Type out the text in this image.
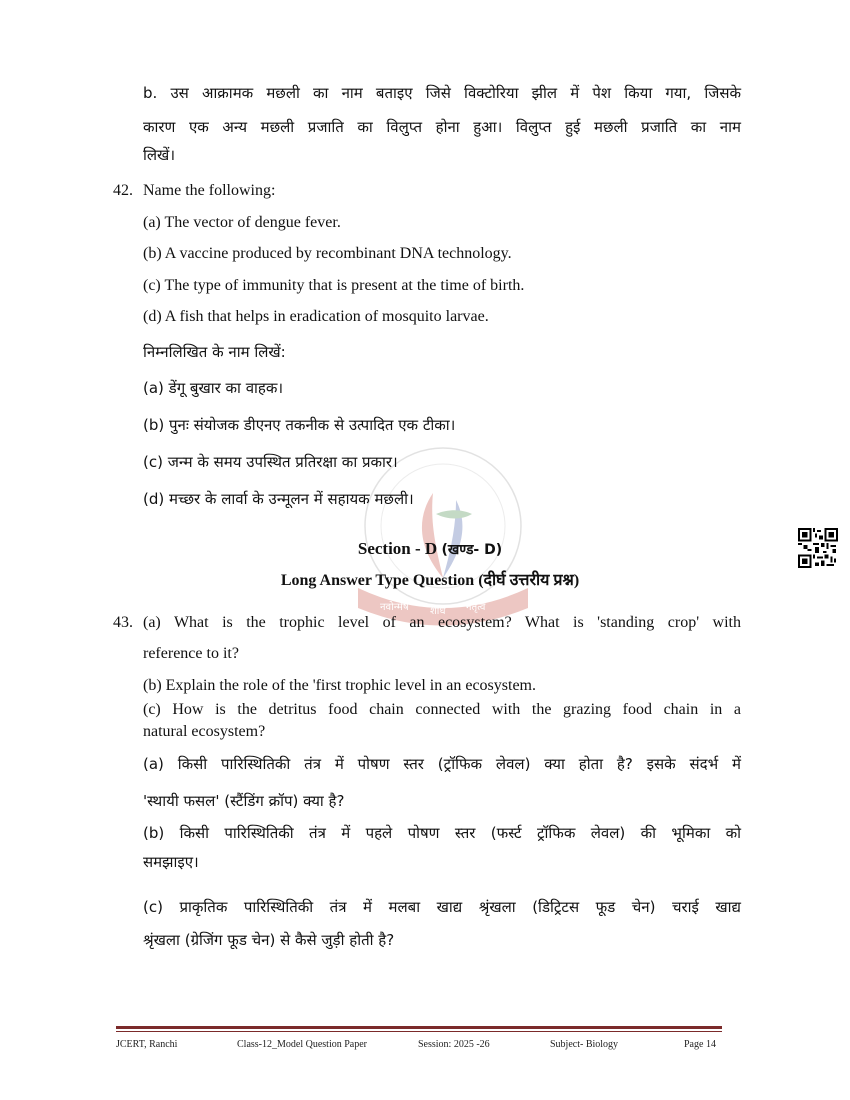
नवोन्मेष शोध नेतृत्व
b. उस आक्रामक मछली का नाम बताइए जिसे विक्टोरिया झील में पेश किया गया, जिसके
कारण एक अन्य मछली प्रजाति का विलुप्त होना हुआ। विलुप्त हुई मछली प्रजाति का नाम
लिखें।
42. Name the following:
(a) The vector of dengue fever.
(b) A vaccine produced by recombinant DNA technology.
(c) The type of immunity that is present at the time of birth.
(d) A fish that helps in eradication of mosquito larvae.
निम्नलिखित के नाम लिखें:
(a) डेंगू बुखार का वाहक।
(b) पुनः संयोजक डीएनए तकनीक से उत्पादित एक टीका।
(c) जन्म के समय उपस्थित प्रतिरक्षा का प्रकार।
(d) मच्छर के लार्वा के उन्मूलन में सहायक मछली।
Section - D (खण्ड- D)
Long Answer Type Question (दीर्घ उत्तरीय प्रश्न)
43. (a) What is the trophic level of an ecosystem? What is 'standing crop' with
reference to it?
(b) Explain the role of the 'first trophic level in an ecosystem.
(c) How is the detritus food chain connected with the grazing food chain in a
natural ecosystem?
(a) किसी पारिस्थितिकी तंत्र में पोषण स्तर (ट्रॉफिक लेवल) क्या होता है? इसके संदर्भ में
'स्थायी फसल' (स्टैंडिंग क्रॉप) क्या है?
(b) किसी पारिस्थितिकी तंत्र में पहले पोषण स्तर (फर्स्ट ट्रॉफिक लेवल) की भूमिका को
समझाइए।
(c) प्राकृतिक पारिस्थितिकी तंत्र में मलबा खाद्य श्रृंखला (डिट्रिटस फूड चेन) चराई खाद्य
श्रृंखला (ग्रेजिंग फूड चेन) से कैसे जुड़ी होती है?
JCERT, Ranchi	Class-12_Model Question Paper	Session: 2025 -26	Subject- Biology	Page 14
